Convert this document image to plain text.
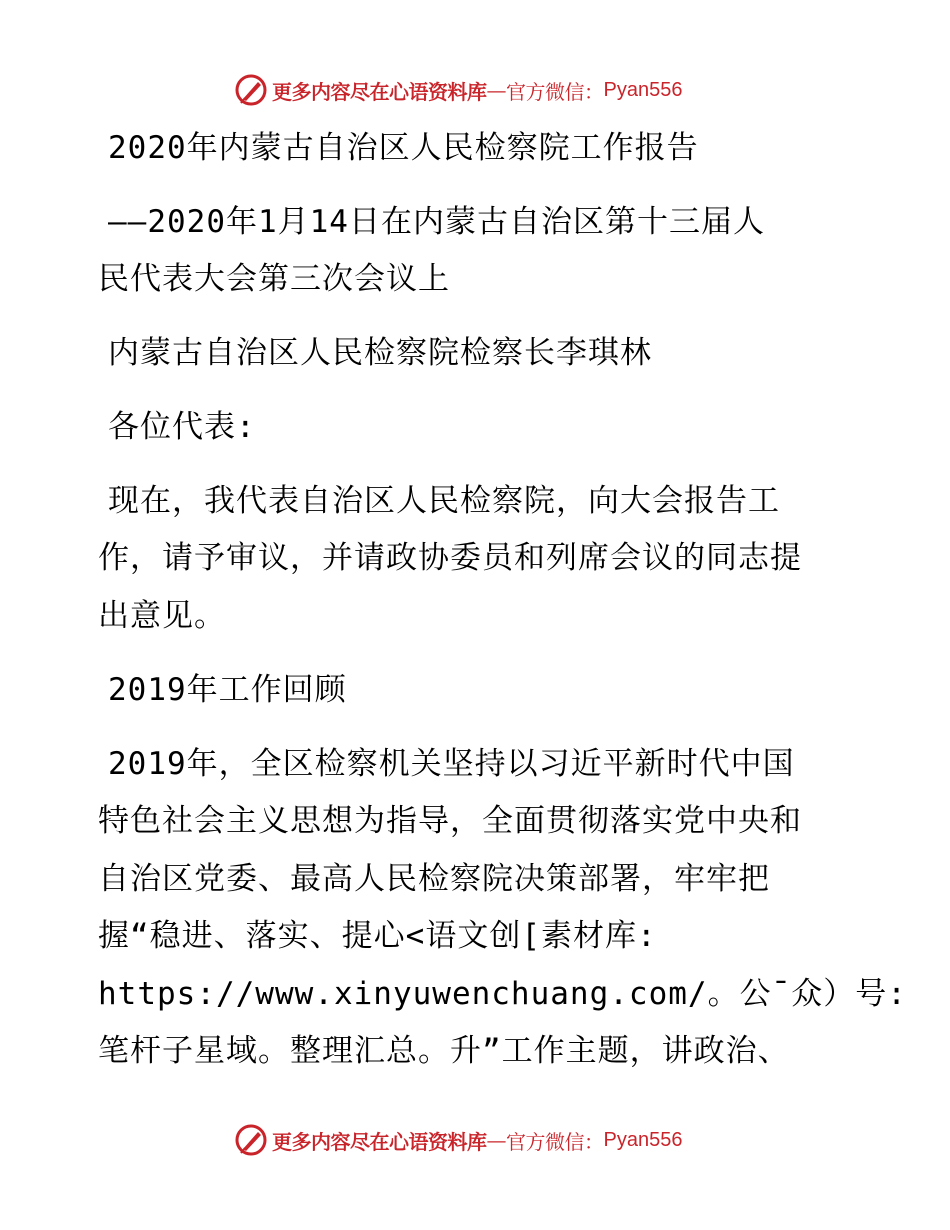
更多内容尽在心语资料库 — 官方微信： Pyan556
2020年内蒙古自治区人民检察院工作报告
——2020年1月14日在内蒙古自治区第十三届人
民代表大会第三次会议上
内蒙古自治区人民检察院检察长李琪林
各位代表:
现在，我代表自治区人民检察院，向大会报告工
作，请予审议，并请政协委员和列席会议的同志提
出意见。
2019年工作回顾
2019年，全区检察机关坚持以习近平新时代中国
特色社会主义思想为指导，全面贯彻落实党中央和
自治区党委、最高人民检察院决策部署，牢牢把
握“稳进、落实、提心<语文创[素材库:
https://www.xinyuwenchuang.com/。公¯众）号:
笔杆子星域。整理汇总。升”工作主题，讲政治、
更多内容尽在心语资料库 — 官方微信： Pyan556
